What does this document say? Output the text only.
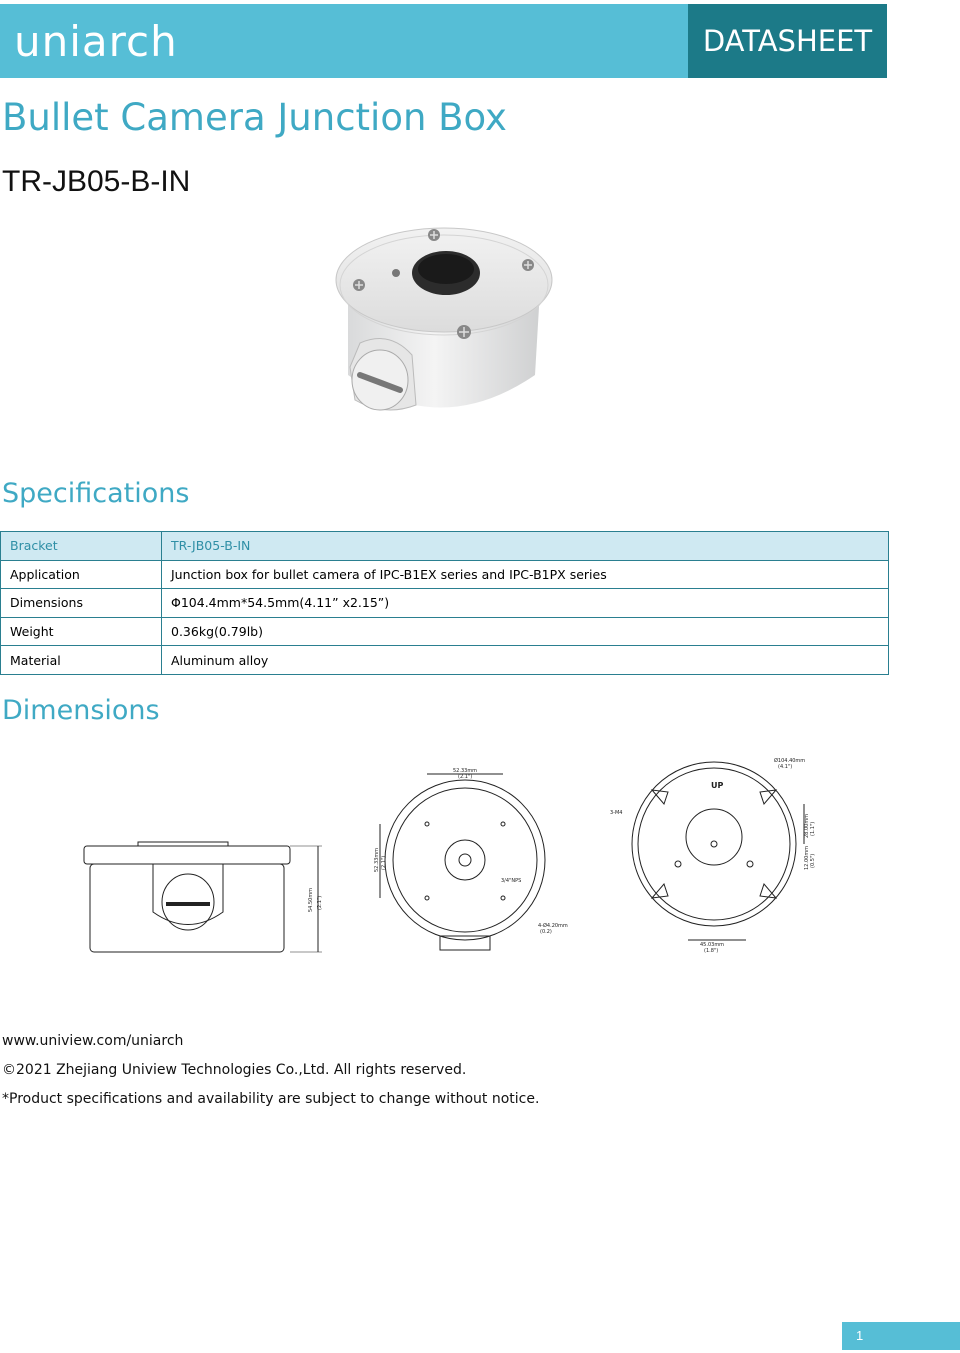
uniarch	DATASHEET
Bullet Camera Junction Box
TR-JB05-B-IN
Specifications
Bracket	TR-JB05-B-IN
Application	Junction box for bullet camera of IPC-B1EX series and IPC-B1PX series
Dimensions	Φ104.4mm*54.5mm(4.11” x2.15”)
Weight	0.36kg(0.79lb)
Material	Aluminum alloy
Dimensions
54.50mm (2.1")
52.33mm
(2.1")
52.33mm (2.1")
3/4"NPS
4-Ø4.20mm
(0.2)
UP
3-M4
Ø104.40mm
(4.1")
28.00mm (1.1")
12.00mm (0.5")
45.03mm
(1.8")
www.uniview.com/uniarch
©2021 Zhejiang Uniview Technologies Co.,Ltd. All rights reserved.
*Product specifications and availability are subject to change without notice.
1
